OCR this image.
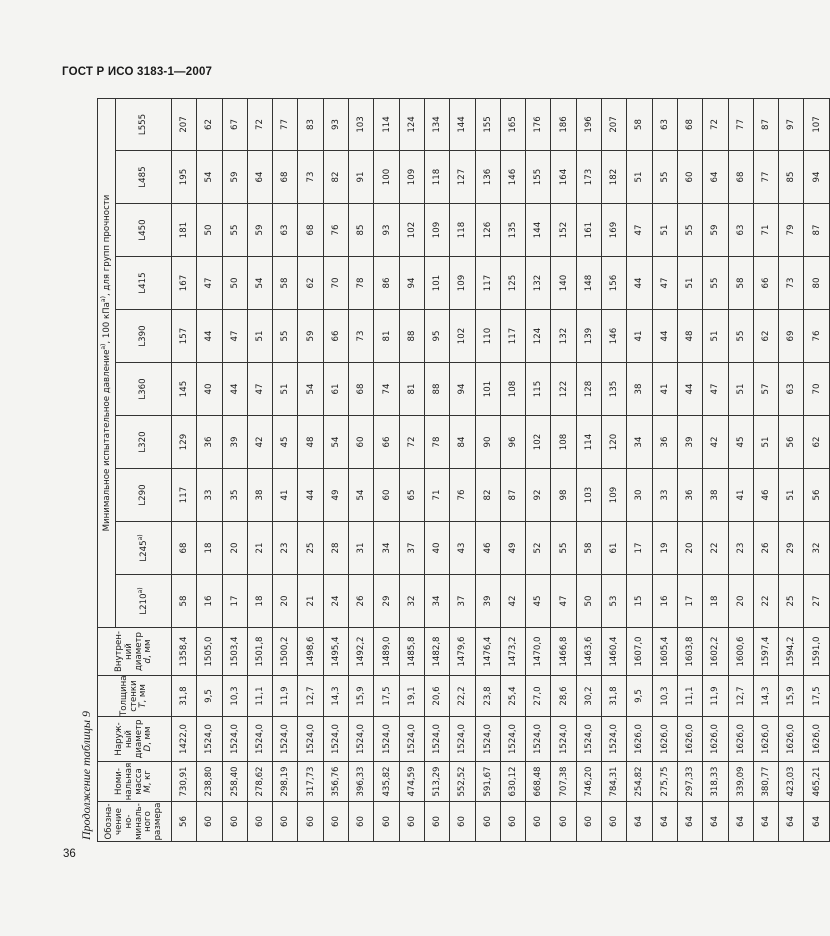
ГОСТ Р ИСО 3183-1—2007
Продолжение таблицы 9	Обозна-чение но-миналь-ного размера	Номи-нальная масса M, кг	Наруж-ный диаметр D, мм	Толщина стенки T, мм	Внутрен-ний диаметр d, мм	Минимальное испытательное давление$^{a)}$, 100 кПа$^{a)}$, для групп прочности									
					L210$^{a)}$	L245$^{a)}$	L290	L320	L360	L390	L415	L450	L485	L555
56	730,91	1422,0	31,8	1358,4	58	68	117	129	145	157	167	181	195	207
60	238,80	1524,0	9,5	1505,0	16	18	33	36	40	44	47	50	54	62
60	258,40	1524,0	10,3	1503,4	17	20	35	39	44	47	50	55	59	67
60	278,62	1524,0	11,1	1501,8	18	21	38	42	47	51	54	59	64	72
60	298,19	1524,0	11,9	1500,2	20	23	41	45	51	55	58	63	68	77
60	317,73	1524,0	12,7	1498,6	21	25	44	48	54	59	62	68	73	83
60	356,76	1524,0	14,3	1495,4	24	28	49	54	61	66	70	76	82	93
60	396,33	1524,0	15,9	1492,2	26	31	54	60	68	73	78	85	91	103
60	435,82	1524,0	17,5	1489,0	29	34	60	66	74	81	86	93	100	114
60	474,59	1524,0	19,1	1485,8	32	37	65	72	81	88	94	102	109	124
60	513,29	1524,0	20,6	1482,8	34	40	71	78	88	95	101	109	118	134
60	552,52	1524,0	22,2	1479,6	37	43	76	84	94	102	109	118	127	144
60	591,67	1524,0	23,8	1476,4	39	46	82	90	101	110	117	126	136	155
60	630,12	1524,0	25,4	1473,2	42	49	87	96	108	117	125	135	146	165
60	668,48	1524,0	27,0	1470,0	45	52	92	102	115	124	132	144	155	176
60	707,38	1524,0	28,6	1466,8	47	55	98	108	122	132	140	152	164	186
60	746,20	1524,0	30,2	1463,6	50	58	103	114	128	139	148	161	173	196
60	784,31	1524,0	31,8	1460,4	53	61	109	120	135	146	156	169	182	207
64	254,82	1626,0	9,5	1607,0	15	17	30	34	38	41	44	47	51	58
64	275,75	1626,0	10,3	1605,4	16	19	33	36	41	44	47	51	55	63
64	297,33	1626,0	11,1	1603,8	17	20	36	39	44	48	51	55	60	68
64	318,33	1626,0	11,9	1602,2	18	22	38	42	47	51	55	59	64	72
64	339,09	1626,0	12,7	1600,6	20	23	41	45	51	55	58	63	68	77
64	380,77	1626,0	14,3	1597,4	22	26	46	51	57	62	66	71	77	87
64	423,03	1626,0	15,9	1594,2	25	29	51	56	63	69	73	79	85	97
64	465,21	1626,0	17,5	1591,0	27	32	56	62	70	76	80	87	94	107
36
